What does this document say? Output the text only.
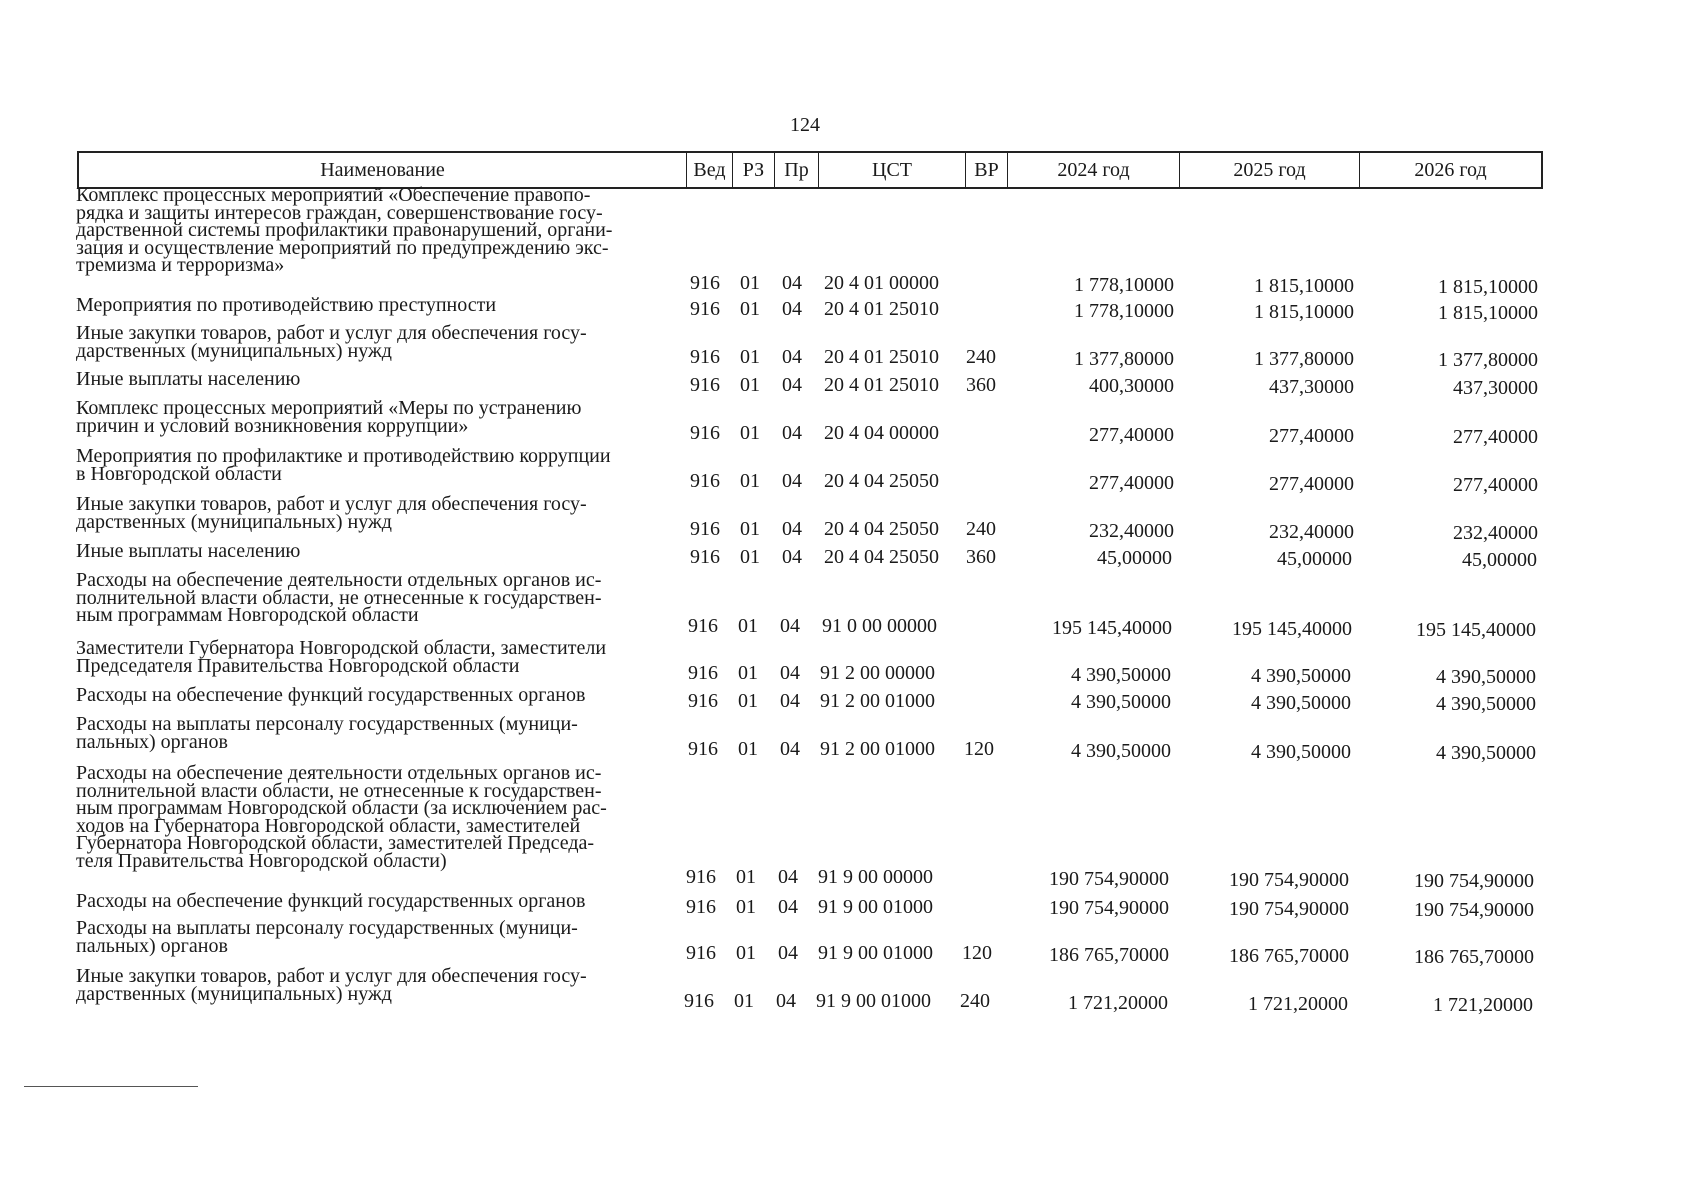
124
Наименование	Вед РЗ	Пр	ЦСТ	ВР	2024 год	2025 год	2026 год
Комплекс процессных мероприятий «Обеспечение правопо-
рядка и защиты интересов граждан, совершенствование госу-
дарственной системы профилактики правонарушений, органи-
зация и осуществление мероприятий по предупреждению экс-
тремизма и терроризма»
916 01 04 20 4 01 00000	1 778,10000	1 815,10000	1 815,10000
Мероприятия по противодействию преступности	916 01 04 20 4 01 25010	1 778,10000	1 815,10000	1 815,10000
Иные закупки товаров, работ и услуг для обеспечения госу-
дарственных (муниципальных) нужд	916 01 04 20 4 01 25010 240	1 377,80000	1 377,80000	1 377,80000
Иные выплаты населению	916 01 04 20 4 01 25010 360	400,30000	437,30000	437,30000
Комплекс процессных мероприятий «Меры по устранению
причин и условий возникновения коррупции»	916 01 04 20 4 04 00000	277,40000	277,40000	277,40000
Мероприятия по профилактике и противодействию коррупции
в Новгородской области	916 01 04 20 4 04 25050	277,40000	277,40000	277,40000
Иные закупки товаров, работ и услуг для обеспечения госу-
дарственных (муниципальных) нужд	916 01 04 20 4 04 25050 240	232,40000	232,40000	232,40000
Иные выплаты населению	916 01 04 20 4 04 25050 360	45,00000	45,00000	45,00000
Расходы на обеспечение деятельности отдельных органов ис-
полнительной власти области, не отнесенные к государствен-
ным программам Новгородской области	916 01 04 91 0 00 00000	195 145,40000	195 145,40000	195 145,40000
Заместители Губернатора Новгородской области, заместители
Председателя Правительства Новгородской области	916 01 04 91 2 00 00000	4 390,50000	4 390,50000	4 390,50000
Расходы на обеспечение функций государственных органов	916 01 04 91 2 00 01000	4 390,50000	4 390,50000	4 390,50000
Расходы на выплаты персоналу государственных (муници-
пальных) органов	916 01 04 91 2 00 01000 120	4 390,50000	4 390,50000	4 390,50000
Расходы на обеспечение деятельности отдельных органов ис-
полнительной власти области, не отнесенные к государствен-
ным программам Новгородской области (за исключением рас-
ходов на Губернатора Новгородской области, заместителей
Губернатора Новгородской области, заместителей Председа-
теля Правительства Новгородской области)
916 01 04 91 9 00 00000	190 754,90000	190 754,90000	190 754,90000
Расходы на обеспечение функций государственных органов	916 01 04 91 9 00 01000	190 754,90000	190 754,90000	190 754,90000
Расходы на выплаты персоналу государственных (муници-
пальных) органов	916 01 04 91 9 00 01000 120	186 765,70000	186 765,70000	186 765,70000
Иные закупки товаров, работ и услуг для обеспечения госу-
дарственных (муниципальных) нужд	916 01 04 91 9 00 01000 240	1 721,20000	1 721,20000	1 721,20000
